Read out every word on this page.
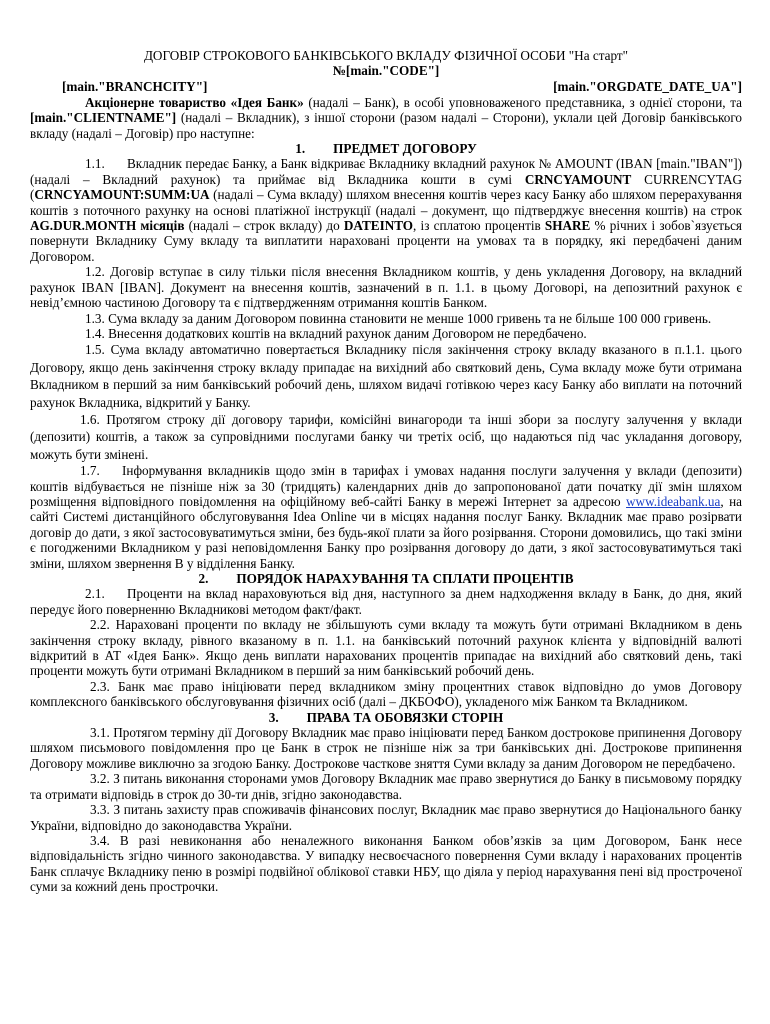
ДОГОВІР СТРОКОВОГО БАНКІВСЬКОГО ВКЛАДУ ФІЗИЧНОЇ ОСОБИ "На старт"
№[main."CODE"]
[main."BRANCHCITY"]	[main."ORGDATE_DATE_UA"]

Акціонерне товариство «Ідея Банк» (надалі – Банк), в особі уповноваженого представника, з однієї сторони, та [main."CLIENTNAME"] (надалі – Вкладник), з іншої сторони (разом надалі – Сторони), уклали цей Договір банківського вкладу (надалі – Договір) про наступне:

1. ПРЕДМЕТ ДОГОВОРУ

1.1. Вкладник передає Банку, а Банк відкриває Вкладнику вкладний рахунок № AMOUNT (IBAN [main."IBAN"]) (надалі – Вкладний рахунок) та приймає від Вкладника кошти в сумі CRNCYAMOUNT CURRENCYTAG (CRNCYAMOUNT:SUMM:UA (надалі – Сума вкладу) шляхом внесення коштів через касу Банку або шляхом перерахування коштів з поточного рахунку на основі платіжної інструкції (надалі – документ, що підтверджує внесення коштів) на строк AG.DUR.MONTH місяців (надалі – строк вкладу) до DATEINTO, із сплатою процентів SHARE % річних і зобов`язується повернути Вкладнику Суму вкладу та виплатити нараховані проценти на умовах та в порядку, які передбачені даним Договором.

1.2. Договір вступає в силу тільки після внесення Вкладником коштів, у день укладення Договору, на вкладний рахунок IBAN [IBAN]. Документ на внесення коштів, зазначений в п. 1.1. в цьому Договорі, на депозитний рахунок є невід’ємною частиною Договору та є підтвердженням отримання коштів Банком.

1.3. Сума вкладу за даним Договором повинна становити не менше 1000 гривень та не більше 100 000 гривень.

1.4. Внесення додаткових коштів на вкладний рахунок даним Договором не передбачено.

1.5. Сума вкладу автоматично повертається Вкладнику після закінчення строку вкладу вказаного в п.1.1. цього Договору, якщо день закінчення строку вкладу припадає на вихідний або святковий день, Сума вкладу може бути отримана Вкладником в перший за ним банківський робочий день, шляхом видачі готівкою через касу Банку або виплати на поточний рахунок Вкладника, відкритий у Банку.

1.6. Протягом строку дії договору тарифи, комісійні винагороди та інші збори за послугу залучення у вклади (депозити) коштів, а також за супровідними послугами банку чи третіх осіб, що надаються під час укладання договору, можуть бути змінені.

1.7. Інформування вкладників щодо змін в тарифах і умовах надання послуги залучення у вклади (депозити) коштів відбувається не пізніше ніж за 30 (тридцять) календарних днів до запропонованої дати початку дії змін шляхом розміщення відповідного повідомлення на офіційному веб-сайті Банку в мережі Інтернет за адресою www.ideabank.ua, на сайті Системі дистанційного обслуговування Idea Online чи в місцях надання послуг Банку. Вкладник має право розірвати договір до дати, з якої застосовуватимуться зміни, без будь-якої плати за його розірвання. Сторони домовились, що такі зміни є погодженими Вкладником у разі неповідомлення Банку про розірвання договору до дати, з якої застосовуватимуться такі зміни, шляхом звернення В у відділення Банку.

2. ПОРЯДОК НАРАХУВАННЯ ТА СПЛАТИ ПРОЦЕНТІВ

2.1. Проценти на вклад нараховуються від дня, наступного за днем надходження вкладу в Банк, до дня, який передує його поверненню Вкладникові методом факт/факт.

2.2. Нараховані проценти по вкладу не збільшують суми вкладу та можуть бути отримані Вкладником в день закінчення строку вкладу, рівного вказаному в п. 1.1. на банківський поточний рахунок клієнта у відповідній валюті відкритий в АТ «Ідея Банк». Якщо день виплати нарахованих процентів припадає на вихідний або святковий день, такі проценти можуть бути отримані Вкладником в перший за ним банківський робочий день.

2.3. Банк має право ініціювати перед вкладником зміну процентних ставок відповідно до умов Договору комплексного банківського обслуговування фізичних осіб (далі – ДКБОФО), укладеного між Банком та Вкладником.

3. ПРАВА ТА ОБОВЯЗКИ СТОРІН

3.1. Протягом терміну дії Договору Вкладник має право ініціювати перед Банком дострокове припинення Договору шляхом письмового повідомлення про це Банк в строк не пізніше ніж за три банківських дні. Дострокове припинення Договору можливе виключно за згодою Банку. Дострокове часткове зняття Суми вкладу за даним Договором не передбачено.

3.2. З питань виконання сторонами умов Договору Вкладник має право звернутися до Банку в письмовому порядку та отримати відповідь в строк до 30-ти днів, згідно законодавства.

3.3. З питань захисту прав споживачів фінансових послуг, Вкладник має право звернутися до Національного банку України, відповідно до законодавства України.

3.4. В разі невиконання або неналежного виконання Банком обов’язків за цим Договором, Банк несе відповідальність згідно чинного законодавства. У випадку несвоєчасного повернення Суми вкладу і нарахованих процентів Банк сплачує Вкладнику пеню в розмірі подвійної облікової ставки НБУ, що діяла у період нарахування пені від простроченої суми за кожний день прострочки.
